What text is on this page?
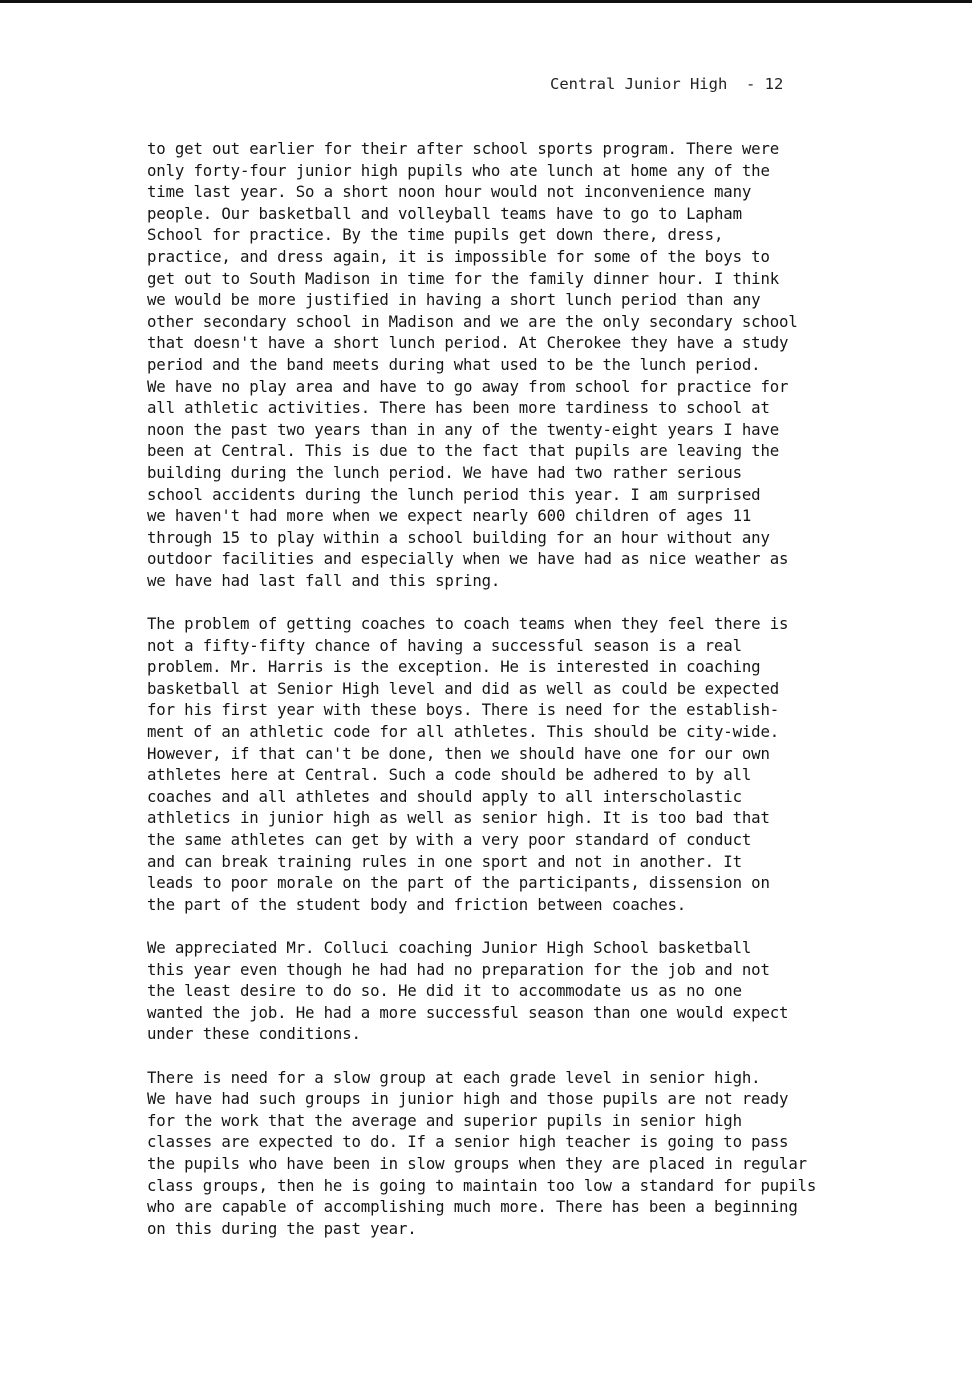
Central Junior High  - 12

to get out earlier for their after school sports program. There were
only forty-four junior high pupils who ate lunch at home any of the
time last year. So a short noon hour would not inconvenience many
people. Our basketball and volleyball teams have to go to Lapham
School for practice. By the time pupils get down there, dress,
practice, and dress again, it is impossible for some of the boys to
get out to South Madison in time for the family dinner hour. I think
we would be more justified in having a short lunch period than any
other secondary school in Madison and we are the only secondary school
that doesn't have a short lunch period. At Cherokee they have a study
period and the band meets during what used to be the lunch period.
We have no play area and have to go away from school for practice for
all athletic activities. There has been more tardiness to school at
noon the past two years than in any of the twenty-eight years I have
been at Central. This is due to the fact that pupils are leaving the
building during the lunch period. We have had two rather serious
school accidents during the lunch period this year. I am surprised
we haven't had more when we expect nearly 600 children of ages 11
through 15 to play within a school building for an hour without any
outdoor facilities and especially when we have had as nice weather as
we have had last fall and this spring.

The problem of getting coaches to coach teams when they feel there is
not a fifty-fifty chance of having a successful season is a real
problem. Mr. Harris is the exception. He is interested in coaching
basketball at Senior High level and did as well as could be expected
for his first year with these boys. There is need for the establish-
ment of an athletic code for all athletes. This should be city-wide.
However, if that can't be done, then we should have one for our own
athletes here at Central. Such a code should be adhered to by all
coaches and all athletes and should apply to all interscholastic
athletics in junior high as well as senior high. It is too bad that
the same athletes can get by with a very poor standard of conduct
and can break training rules in one sport and not in another. It
leads to poor morale on the part of the participants, dissension on
the part of the student body and friction between coaches.

We appreciated Mr. Colluci coaching Junior High School basketball
this year even though he had had no preparation for the job and not
the least desire to do so. He did it to accommodate us as no one
wanted the job. He had a more successful season than one would expect
under these conditions.

There is need for a slow group at each grade level in senior high.
We have had such groups in junior high and those pupils are not ready
for the work that the average and superior pupils in senior high
classes are expected to do. If a senior high teacher is going to pass
the pupils who have been in slow groups when they are placed in regular
class groups, then he is going to maintain too low a standard for pupils
who are capable of accomplishing much more. There has been a beginning
on this during the past year.
